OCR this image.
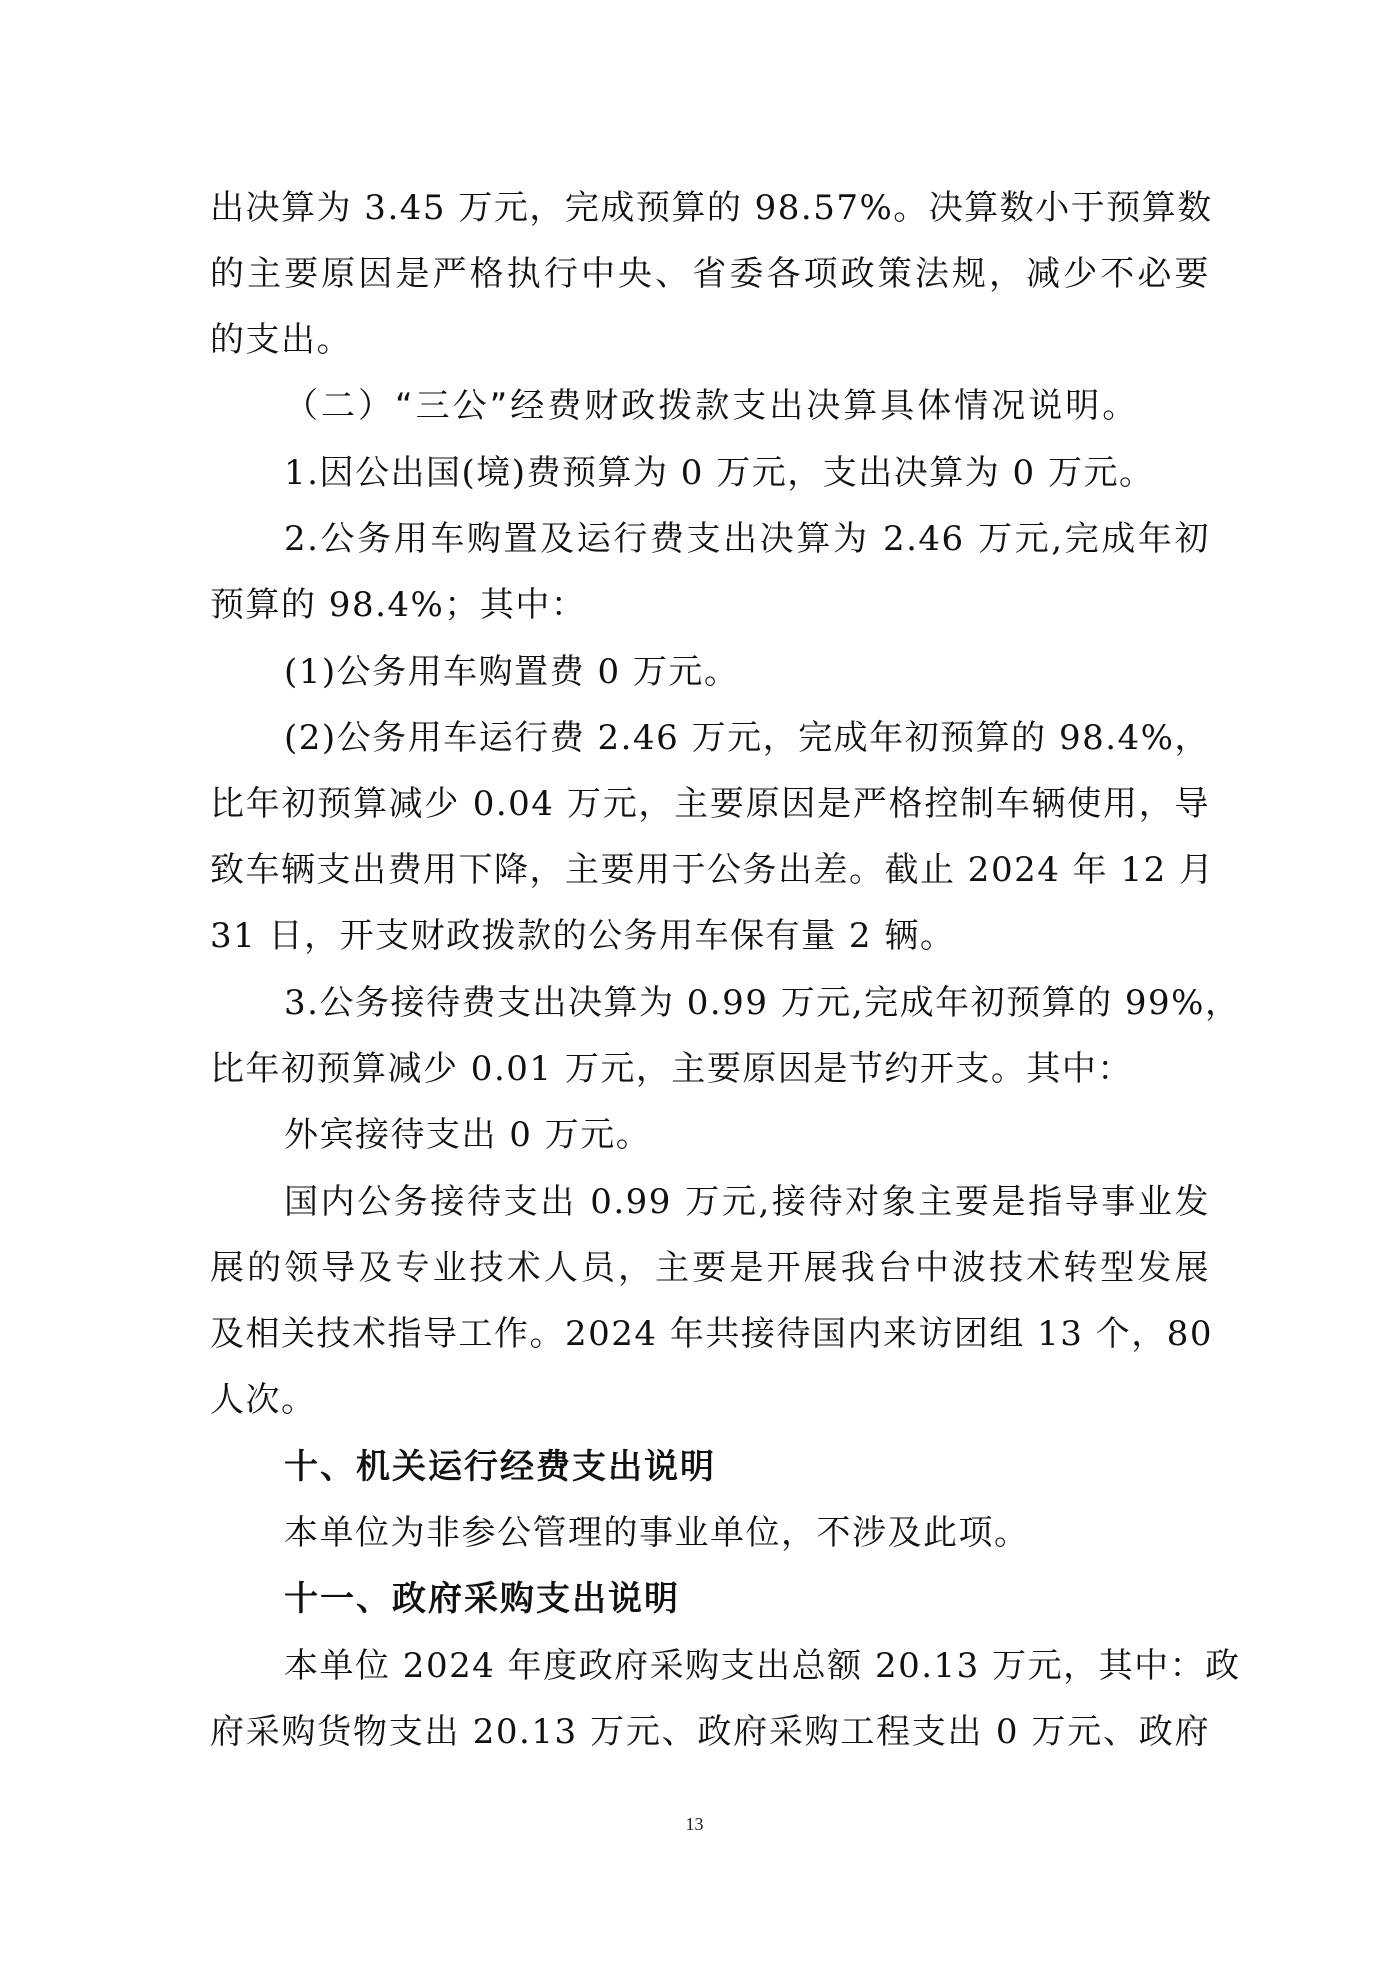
出决算为 3.45 万元，完成预算的 98.57%。决算数小于预算数
的主要原因是严格执行中央、省委各项政策法规，减少不必要
的支出。
（二）“三公”经费财政拨款支出决算具体情况说明。
1.因公出国(境)费预算为 0 万元，支出决算为 0 万元。
2.公务用车购置及运行费支出决算为 2.46 万元,完成年初
预算的 98.4%；其中：
(1)公务用车购置费 0 万元。
(2)公务用车运行费 2.46 万元，完成年初预算的 98.4%，
比年初预算减少 0.04 万元，主要原因是严格控制车辆使用，导
致车辆支出费用下降，主要用于公务出差。截止 2024 年 12 月
31 日，开支财政拨款的公务用车保有量 2 辆。
3.公务接待费支出决算为 0.99 万元,完成年初预算的 99%，
比年初预算减少 0.01 万元，主要原因是节约开支。其中：
外宾接待支出 0 万元。
国内公务接待支出 0.99 万元,接待对象主要是指导事业发
展的领导及专业技术人员，主要是开展我台中波技术转型发展
及相关技术指导工作。2024 年共接待国内来访团组 13 个，80
人次。
十、机关运行经费支出说明
本单位为非参公管理的事业单位，不涉及此项。
十一、政府采购支出说明
本单位 2024 年度政府采购支出总额 20.13 万元，其中：政
府采购货物支出 20.13 万元、政府采购工程支出 0 万元、政府
13
